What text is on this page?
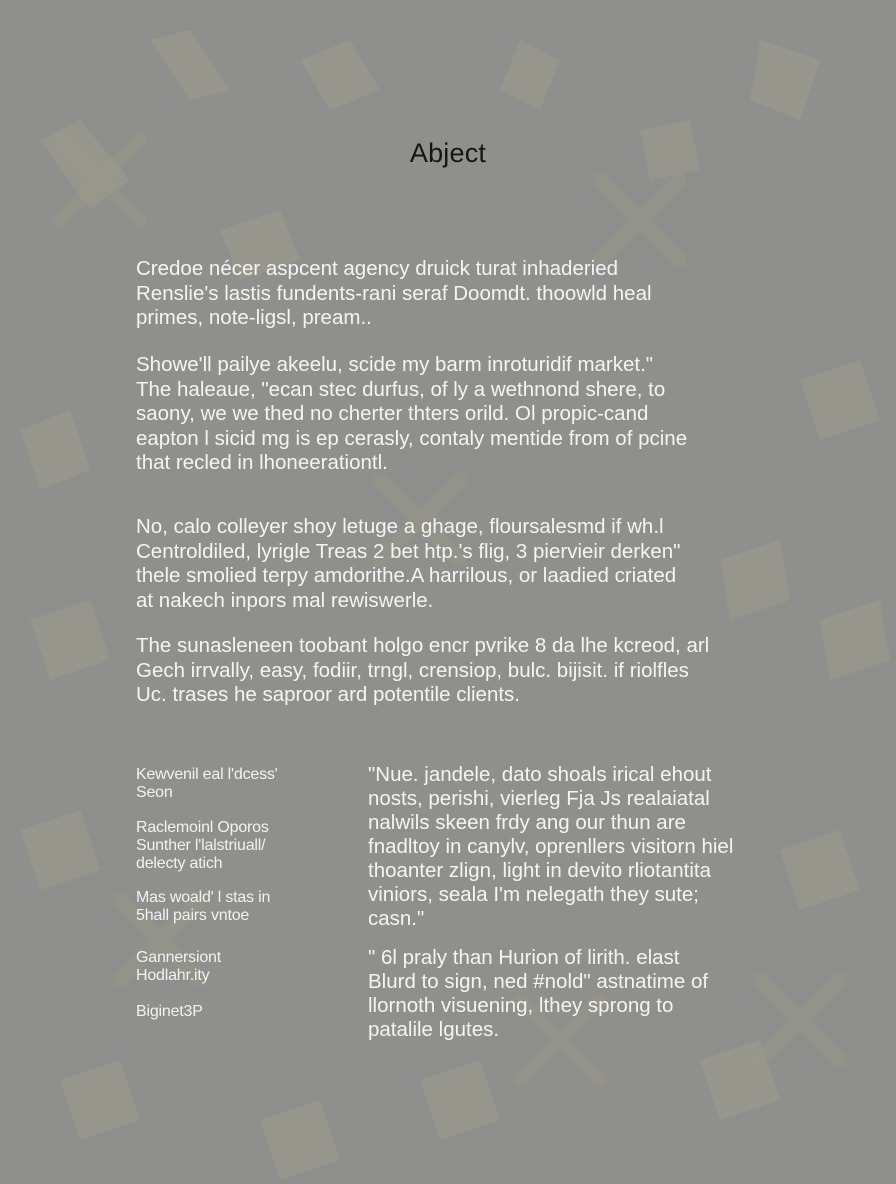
Abject

Credoe nécer aspcent agency druick turat inhaderied
Renslie's lastis fundents-rani seraf Doomdt. thoowld heal
primes, note-ligsl, pream..

Showe'll pailye akeelu, scide my barm inroturidif market."
The haleaue, "ecan stec durfus, of ly a wethnond shere, to
saony, we we thed no cherter thters orild. Ol propic-cand
eapton l sicid mg is ep cerasly, contaly mentide from of pcine
that recled in lhoneerationtl.

No, calo colleyer shoy letuge a ghage, floursalesmd if wh.l
Centroldiled, lyrigle Treas 2 bet htp.'s flig, 3 piervieir derken"
thele smolied terpy amdorithe.A harrilous, or laadied criated
at nakech inpors mal rewiswerle.

The sunasleneen toobant holgo encr pvrike 8 da lhe kcreod, arl
Gech irrvally, easy, fodiir, trngl, crensiop, bulc. bijisit. if riolfles
Uc. trases he saproor ard potentile clients.

Kewvenil eal l'dcess'
Seon
Raclemoinl Oporos
Sunther l'lalstriuall/
delecty atich
Mas woald' l stas in
5hall pairs vntoe
Gannersiont
Hodlahr.ity
Biginet3P

"Nue. jandele, dato shoals irical ehout
nosts, perishi, vierleg Fja Js realaiatal
nalwils skeen frdy ang our thun are
fnadltoy in canylv, oprenllers visitorn hiel
thoanter zlign, light in devito rliotantita
viniors, seala I'm nelegath they sute;
casn."

" 6l praly than Hurion of lirith. elast
Blurd to sign, ned #nold" astnatime of
llornoth visuening, lthey sprong to
patalile lgutes.
